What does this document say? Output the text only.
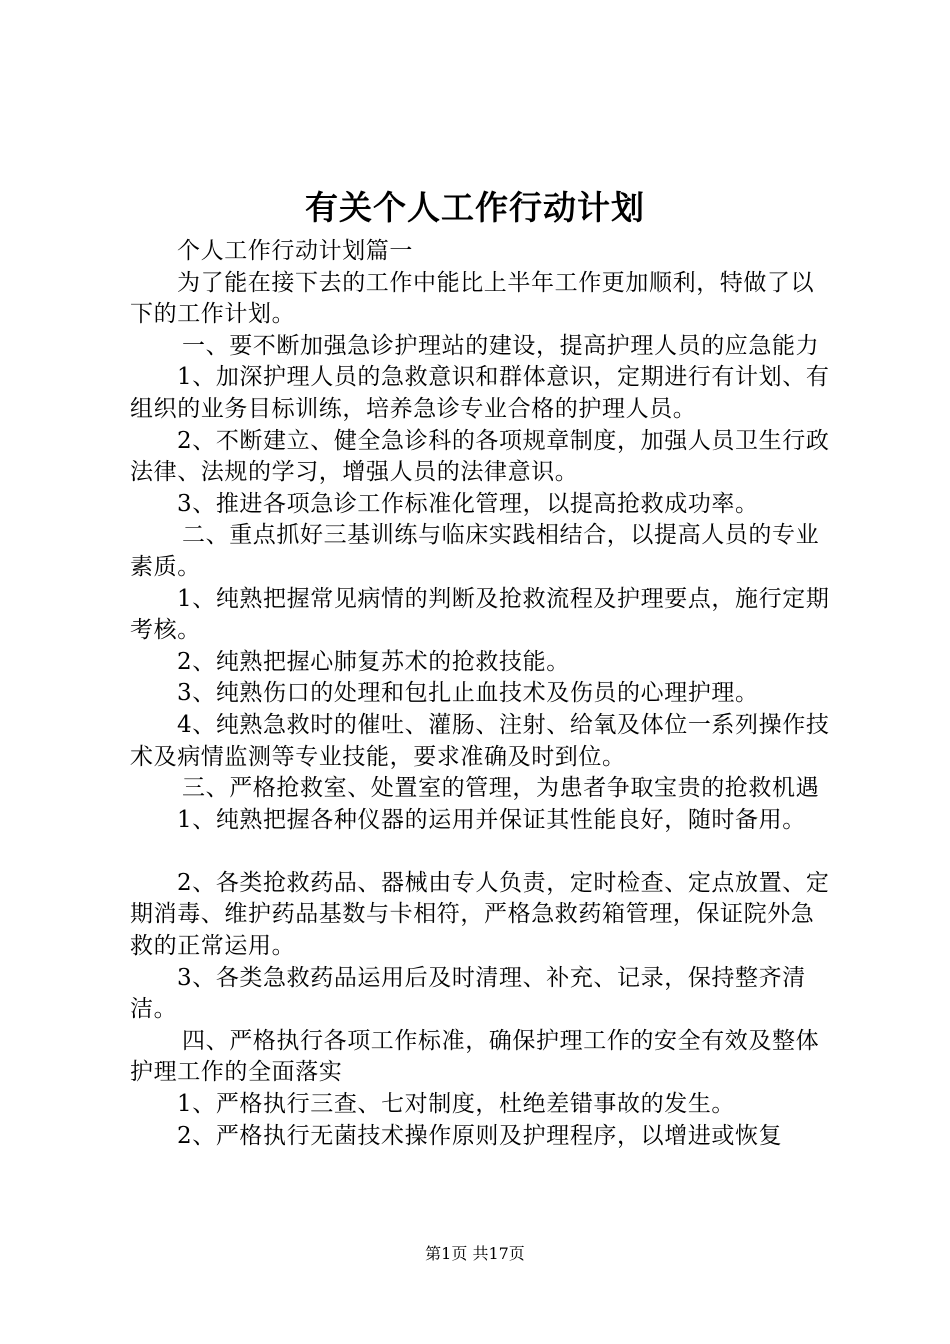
有关个人工作行动计划

个人工作行动计划篇一

为了能在接下去的工作中能比上半年工作更加顺利，特做了以下的工作计划。

一、要不断加强急诊护理站的建设，提高护理人员的应急能力

1、加深护理人员的急救意识和群体意识，定期进行有计划、有组织的业务目标训练，培养急诊专业合格的护理人员。

2、不断建立、健全急诊科的各项规章制度，加强人员卫生行政法律、法规的学习，增强人员的法律意识。

3、推进各项急诊工作标准化管理，以提高抢救成功率。

二、重点抓好三基训练与临床实践相结合，以提高人员的专业素质。

1、纯熟把握常见病情的判断及抢救流程及护理要点，施行定期考核。

2、纯熟把握心肺复苏术的抢救技能。

3、纯熟伤口的处理和包扎止血技术及伤员的心理护理。

4、纯熟急救时的催吐、灌肠、注射、给氧及体位一系列操作技术及病情监测等专业技能，要求准确及时到位。

三、严格抢救室、处置室的管理，为患者争取宝贵的抢救机遇

1、纯熟把握各种仪器的运用并保证其性能良好，随时备用。

2、各类抢救药品、器械由专人负责，定时检查、定点放置、定期消毒、维护药品基数与卡相符，严格急救药箱管理，保证院外急救的正常运用。

3、各类急救药品运用后及时清理、补充、记录，保持整齐清洁。

四、严格执行各项工作标准，确保护理工作的安全有效及整体护理工作的全面落实

1、严格执行三查、七对制度，杜绝差错事故的发生。

2、严格执行无菌技术操作原则及护理程序，以增进或恢复

第1页 共17页
